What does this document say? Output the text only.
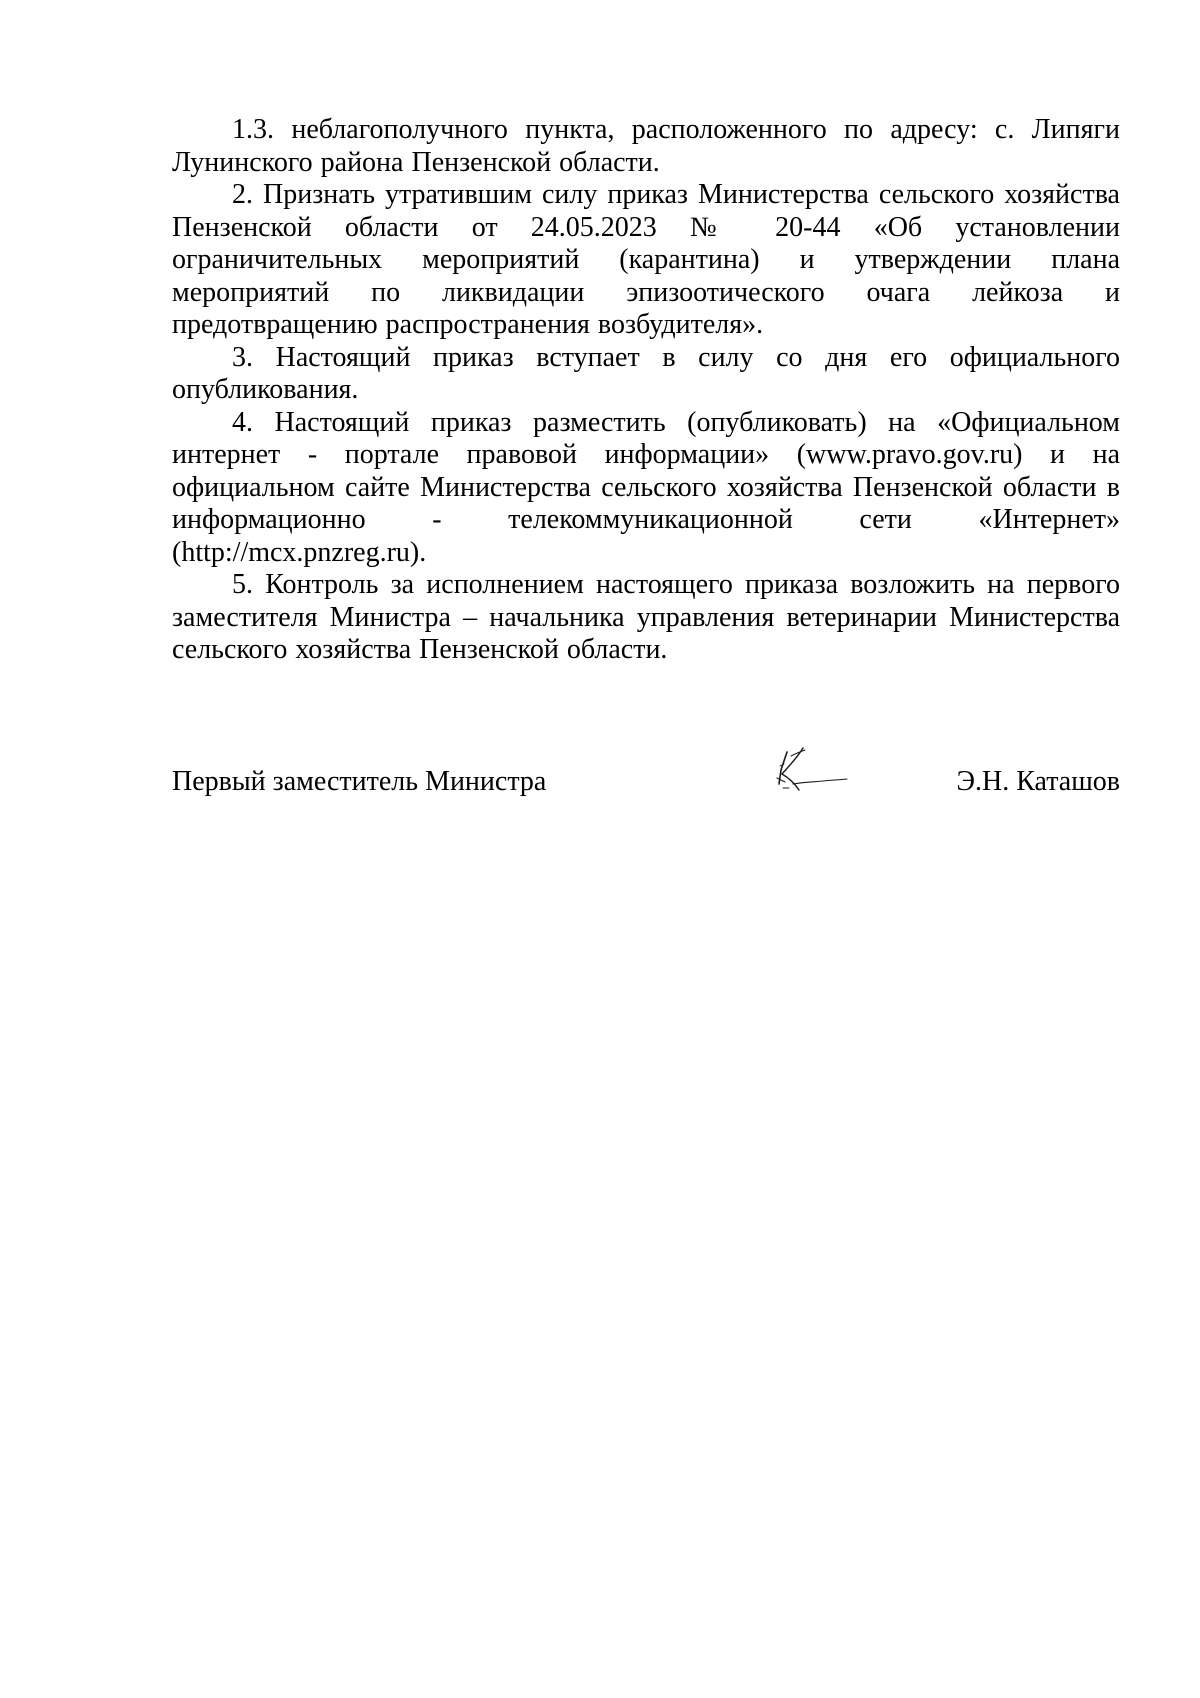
1.3. неблагополучного пункта, расположенного по адресу: с. Липяги Лунинского района Пензенской области.

2. Признать утратившим силу приказ Министерства сельского хозяйства Пензенской области от 24.05.2023 № 20-44 «Об установлении ограничительных мероприятий (карантина) и утверждении плана мероприятий по ликвидации эпизоотического очага лейкоза и предотвращению распространения возбудителя».

3. Настоящий приказ вступает в силу со дня его официального опубликования.

4. Настоящий приказ разместить (опубликовать) на «Официальном интернет - портале правовой информации» (www.pravo.gov.ru) и на официальном сайте Министерства сельского хозяйства Пензенской области в информационно - телекоммуникационной сети «Интернет» (http://mcx.pnzreg.ru).

5. Контроль за исполнением настоящего приказа возложить на первого заместителя Министра – начальника управления ветеринарии Министерства сельского хозяйства Пензенской области.

Первый заместитель Министра	Э.Н. Каташов
